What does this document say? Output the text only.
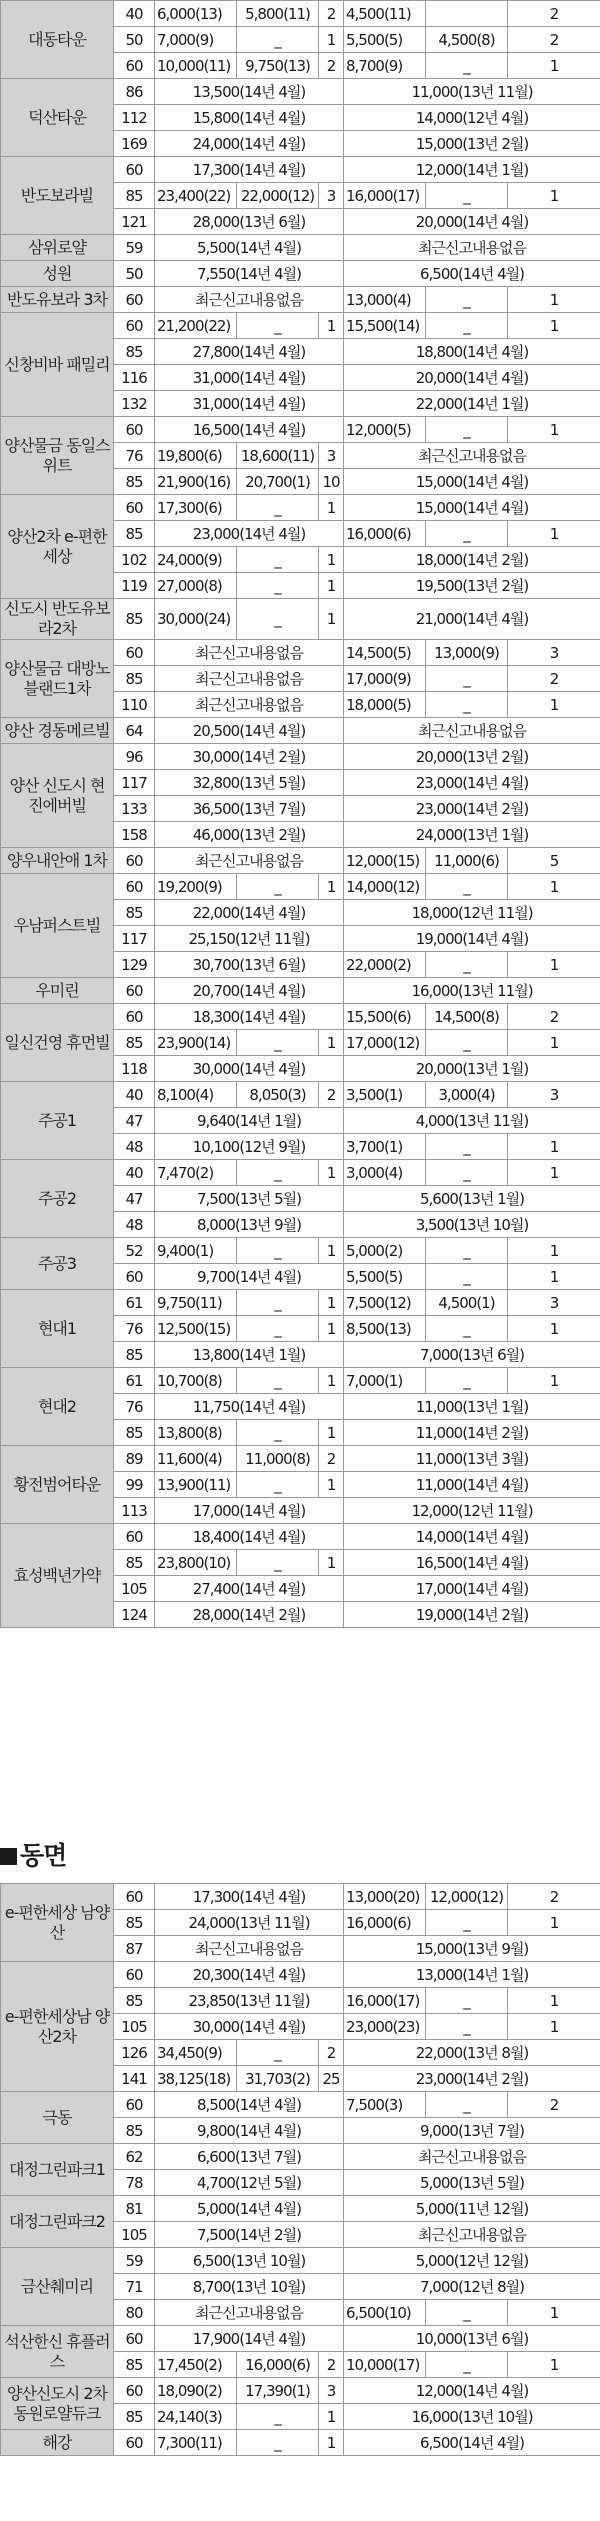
대동타운	40	6,000(13)	5,800(11)	2	4,500(11)		2
	50	7,000(9)	_	1	5,500(5)	4,500(8)	2
	60	10,000(11)	9,750(13)	2	8,700(9)	_	1
덕산타운	86	13,500(14년 4월)			11,000(13년 11월)		
	112	15,800(14년 4월)			14,000(12년 4월)		
	169	24,000(14년 4월)			15,000(13년 2월)		
반도보라빌	60	17,300(14년 4월)			12,000(14년 1월)		
	85	23,400(22)	22,000(12)	3	16,000(17)	_	1
	121	28,000(13년 6월)			20,000(14년 4월)		
삼위로얄	59	5,500(14년 4월)			최근신고내용없음		
성원	50	7,550(14년 4월)			6,500(14년 4월)		
반도유보라 3차	60	최근신고내용없음			13,000(4)	_	1
신창비바 패밀리	60	21,200(22)	_	1	15,500(14)	_	1
	85	27,800(14년 4월)			18,800(14년 4월)		
	116	31,000(14년 4월)			20,000(14년 4월)		
	132	31,000(14년 4월)			22,000(14년 1월)		
양산물금 동일스위트	60	16,500(14년 4월)			12,000(5)	_	1
	76	19,800(6)	18,600(11)	3	최근신고내용없음		
	85	21,900(16)	20,700(1)	10	15,000(14년 4월)		
양산2차 e-편한세상	60	17,300(6)	_	1	15,000(14년 4월)		
	85	23,000(14년 4월)			16,000(6)	_	1
	102	24,000(9)	_	1	18,000(14년 2월)		
	119	27,000(8)	_	1	19,500(13년 2월)		
신도시 반도유보라2차	85	30,000(24)	_	1	21,000(14년 4월)		
양산물금 대방노블랜드1차	60	최근신고내용없음			14,500(5)	13,000(9)	3
	85	최근신고내용없음			17,000(9)	_	2
	110	최근신고내용없음			18,000(5)	_	1
양산 경동메르빌	64	20,500(14년 4월)			최근신고내용없음		
양산 신도시 현진에버빌	96	30,000(14년 2월)			20,000(13년 2월)		
	117	32,800(13년 5월)			23,000(14년 4월)		
	133	36,500(13년 7월)			23,000(14년 2월)		
	158	46,000(13년 2월)			24,000(13년 1월)		
양우내안애 1차	60	최근신고내용없음			12,000(15)	11,000(6)	5
우남퍼스트빌	60	19,200(9)	_	1	14,000(12)	_	1
	85	22,000(14년 4월)			18,000(12년 11월)		
	117	25,150(12년 11월)			19,000(14년 4월)		
	129	30,700(13년 6월)			22,000(2)	_	1
우미린	60	20,700(14년 4월)			16,000(13년 11월)		
일신건영 휴먼빌	60	18,300(14년 4월)			15,500(6)	14,500(8)	2
	85	23,900(14)	_	1	17,000(12)	_	1
	118	30,000(14년 4월)			20,000(13년 1월)		
주공1	40	8,100(4)	8,050(3)	2	3,500(1)	3,000(4)	3
	47	9,640(14년 1월)			4,000(13년 11월)		
	48	10,100(12년 9월)			3,700(1)	_	1
주공2	40	7,470(2)	_	1	3,000(4)	_	1
	47	7,500(13년 5월)			5,600(13년 1월)		
	48	8,000(13년 9월)			3,500(13년 10월)		
주공3	52	9,400(1)	_	1	5,000(2)	_	1
	60	9,700(14년 4월)			5,500(5)	_	1
현대1	61	9,750(11)	_	1	7,500(12)	4,500(1)	3
	76	12,500(15)	_	1	8,500(13)	_	1
	85	13,800(14년 1월)			7,000(13년 6월)		
현대2	61	10,700(8)	_	1	7,000(1)	_	1
	76	11,750(14년 4월)			11,000(13년 1월)		
	85	13,800(8)	_	1	11,000(14년 2월)		
황전범어타운	89	11,600(4)	11,000(8)	2	11,000(13년 3월)		
	99	13,900(11)	_	1	11,000(14년 4월)		
	113	17,000(14년 4월)			12,000(12년 11월)		
효성백년가약	60	18,400(14년 4월)			14,000(14년 4월)		
	85	23,800(10)	_	1	16,500(14년 4월)		
	105	27,400(14년 4월)			17,000(14년 4월)		
	124	28,000(14년 2월)			19,000(14년 2월)		
동면
e-편한세상 남양산	60	17,300(14년 4월)			13,000(20)	12,000(12)	2
	85	24,000(13년 11월)			16,000(6)	_	1
	87	최근신고내용없음			15,000(13년 9월)		
e-편한세상남 양산2차	60	20,300(14년 4월)			13,000(14년 1월)		
	85	23,850(13년 11월)			16,000(17)	_	1
	105	30,000(14년 4월)			23,000(23)	_	1
	126	34,450(9)	_	2	22,000(13년 8월)		
	141	38,125(18)	31,703(2)	25	23,000(14년 2월)		
극동	60	8,500(14년 4월)			7,500(3)	_	2
	85	9,800(14년 4월)			9,000(13년 7월)		
대정그린파크1	62	6,600(13년 7월)			최근신고내용없음		
	78	4,700(12년 5월)			5,000(13년 5월)		
대정그린파크2	81	5,000(14년 4월)			5,000(11년 12월)		
	105	7,500(14년 2월)			최근신고내용없음		
금산췌미리	59	6,500(13년 10월)			5,000(12년 12월)		
	71	8,700(13년 10월)			7,000(12년 8월)		
	80	최근신고내용없음			6,500(10)	_	1
석산한신 휴플러스	60	17,900(14년 4월)			10,000(13년 6월)		
	85	17,450(2)	16,000(6)	2	10,000(17)	_	1
양산신도시 2차 동원로얄듀크	60	18,090(2)	17,390(1)	3	12,000(14년 4월)		
	85	24,140(3)	_	1	16,000(13년 10월)		
해강	60	7,300(11)	_	1	6,500(14년 4월)		
